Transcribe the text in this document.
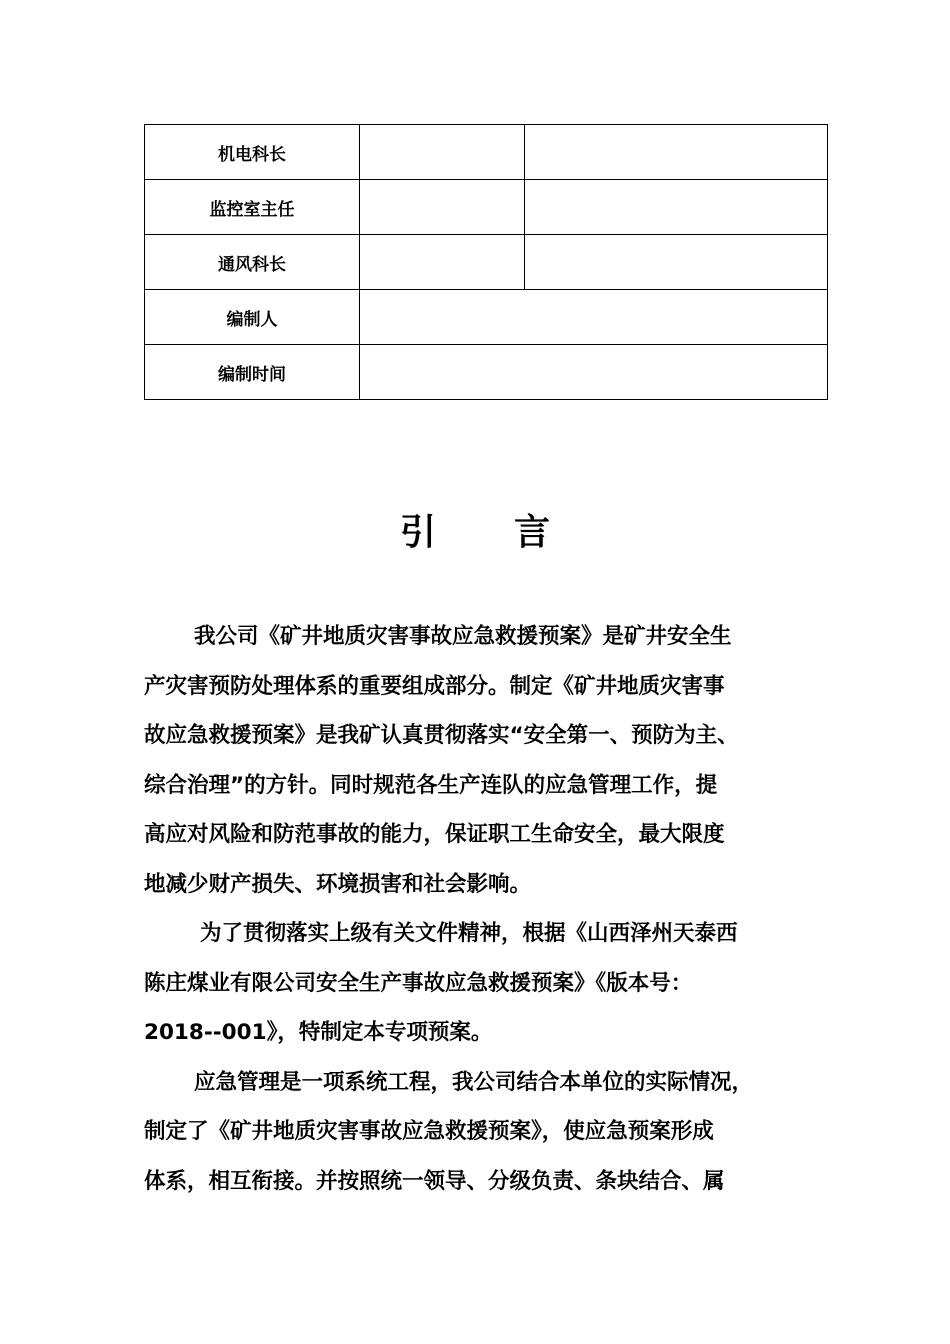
机电科长		
监控室主任		
通风科长		
编制人		
编制时间		
引言

我公司《矿井地质灾害事故应急救援预案》是矿井安全生

产灾害预防处理体系的重要组成部分。制定《矿井地质灾害事

故应急救援预案》是我矿认真贯彻落实“安全第一、预防为主、

综合治理”的方针。同时规范各生产连队的应急管理工作，提

高应对风险和防范事故的能力，保证职工生命安全，最大限度

地减少财产损失、环境损害和社会影响。

为了贯彻落实上级有关文件精神，根据《山西泽州天泰西

陈庄煤业有限公司安全生产事故应急救援预案》《版本号：

2018--001》，特制定本专项预案。

应急管理是一项系统工程，我公司结合本单位的实际情况，

制定了《矿井地质灾害事故应急救援预案》，使应急预案形成

体系，相互衔接。并按照统一领导、分级负责、条块结合、属
